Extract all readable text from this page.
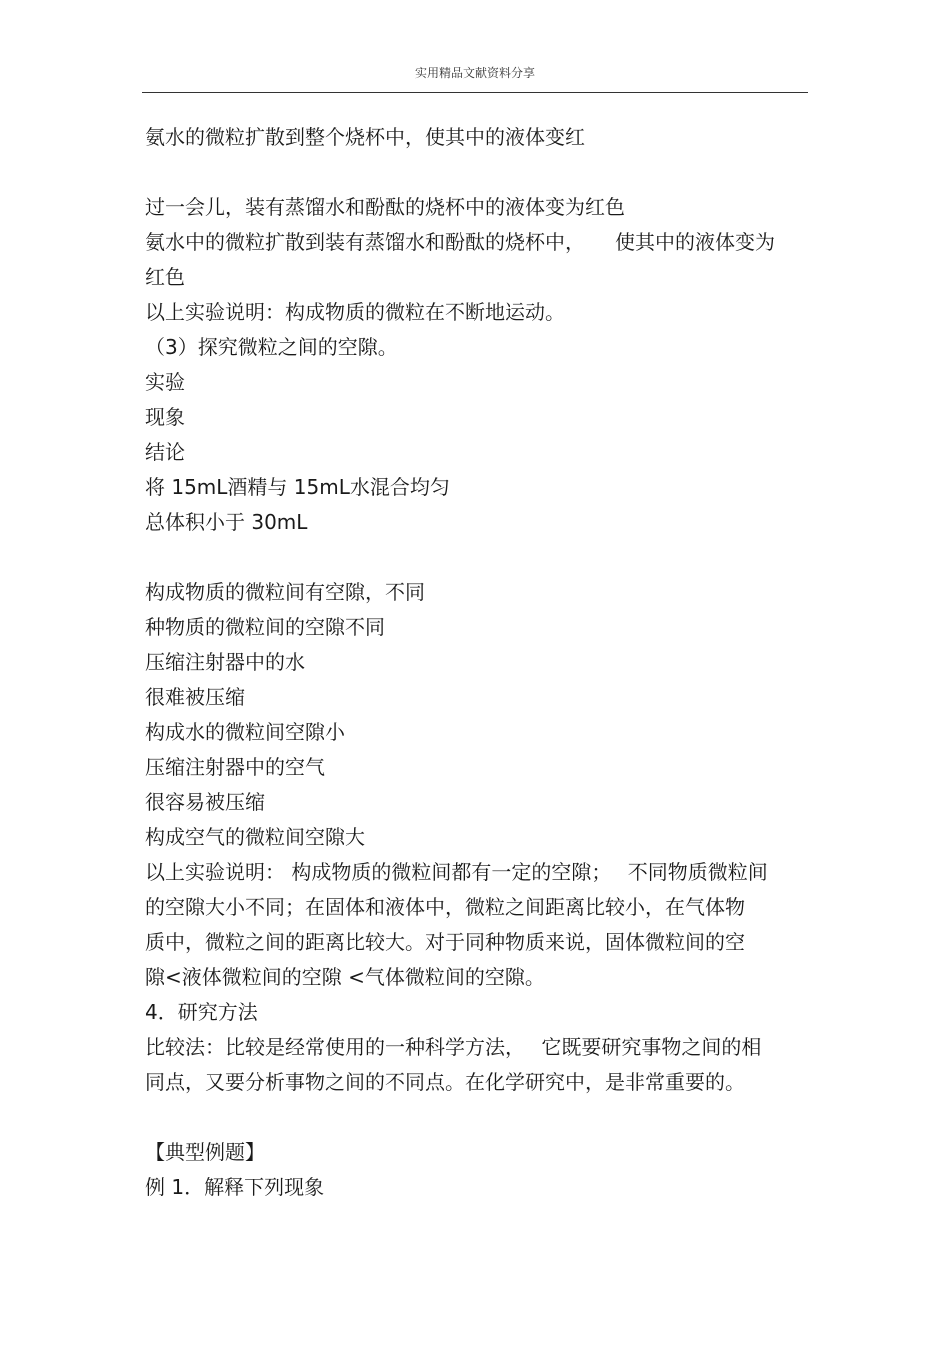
实用精品文献资料分享
氨水的微粒扩散到整个烧杯中，使其中的液体变红
过一会儿，装有蒸馏水和酚酞的烧杯中的液体变为红色
氨水中的微粒扩散到装有蒸馏水和酚酞的烧杯中，　　使其中的液体变为
红色
以上实验说明：构成物质的微粒在不断地运动。
（3）探究微粒之间的空隙。
实验
现象
结论
将 15mL酒精与 15mL水混合均匀
总体积小于 30mL
构成物质的微粒间有空隙，不同
种物质的微粒间的空隙不同
压缩注射器中的水
很难被压缩
构成水的微粒间空隙小
压缩注射器中的空气
很容易被压缩
构成空气的微粒间空隙大
以上实验说明： 构成物质的微粒间都有一定的空隙；　 不同物质微粒间
的空隙大小不同；在固体和液体中，微粒之间距离比较小，在气体物
质中，微粒之间的距离比较大。对于同种物质来说，固体微粒间的空
隙<液体微粒间的空隙 <气体微粒间的空隙。
4．研究方法
比较法：比较是经常使用的一种科学方法，　 它既要研究事物之间的相
同点，又要分析事物之间的不同点。在化学研究中，是非常重要的。
【典型例题】
例 1．解释下列现象
